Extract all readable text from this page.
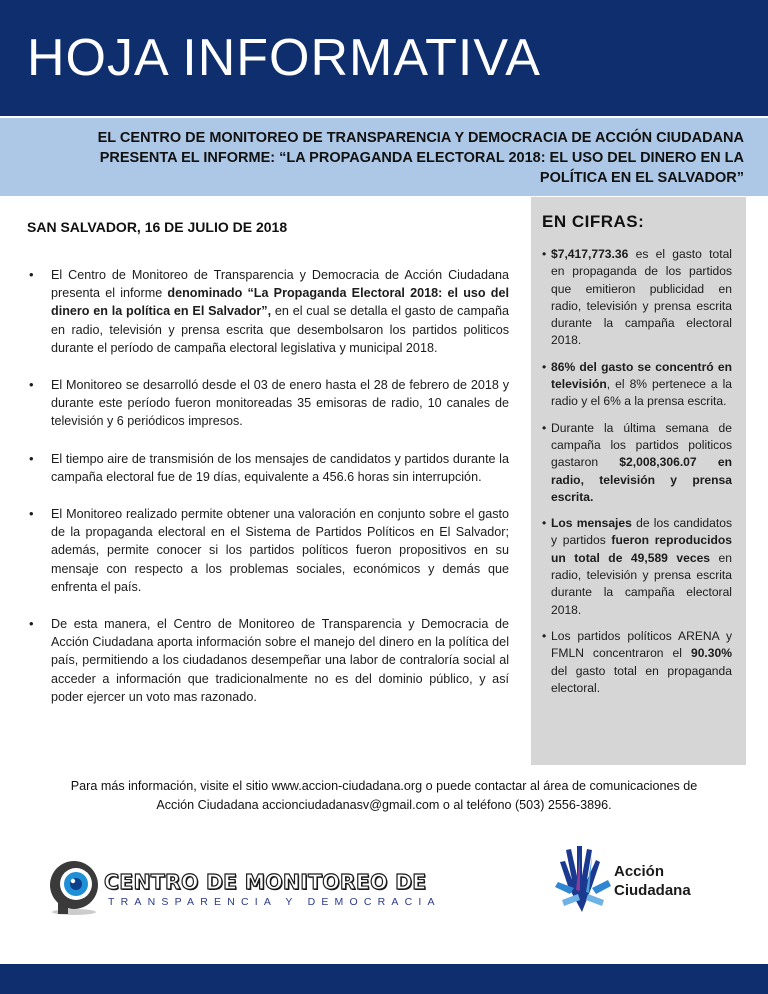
HOJA INFORMATIVA
EL CENTRO DE MONITOREO DE TRANSPARENCIA Y DEMOCRACIA DE ACCIÓN CIUDADANA
PRESENTA EL INFORME: “LA PROPAGANDA ELECTORAL 2018: EL USO DEL DINERO EN LA
POLÍTICA EN EL SALVADOR”
SAN SALVADOR, 16 DE JULIO DE 2018
• El Centro de Monitoreo de Transparencia y Democracia de Acción Ciudadana presenta el informe denominado “La Propaganda Electoral 2018: el uso del dinero en la política en El Salvador”, en el cual se detalla el gasto de campaña en radio, televisión y prensa escrita que desembolsaron los partidos politicos durante el período de campaña electoral legislativa y municipal 2018.
• El Monitoreo se desarrolló desde el 03 de enero hasta el 28 de febrero de 2018 y durante este período fueron monitoreadas 35 emisoras de radio, 10 canales de televisión y 6 periódicos impresos.
• El tiempo aire de transmisión de los mensajes de candidatos y partidos durante la campaña electoral fue de 19 días, equivalente a 456.6 horas sin interrupción.
• El Monitoreo realizado permite obtener una valoración en conjunto sobre el gasto de la propaganda electoral en el Sistema de Partidos Políticos en El Salvador; además, permite conocer si los partidos políticos fueron propositivos en su mensaje con respecto a los problemas sociales, económicos y demás que enfrenta el país.
• De esta manera, el Centro de Monitoreo de Transparencia y Democracia de Acción Ciudadana aporta información sobre el manejo del dinero en la política del país, permitiendo a los ciudadanos desempeñar una labor de contraloría social al acceder a información que tradicionalmente no es del dominio público, y así poder ejercer un voto mas razonado.
EN CIFRAS:
• $7,417,773.36 es el gasto total en propaganda de los partidos que emitieron publicidad en radio, televisión y prensa escrita durante la campaña electoral 2018.
• 86% del gasto se concentró en televisión, el 8% pertenece a la radio y el 6% a la prensa escrita.
• Durante la última semana de campaña los partidos politicos gastaron $2,008,306.07 en radio, televisión y prensa escrita.
• Los mensajes de los candidatos y partidos fueron reproducidos un total de 49,589 veces en radio, televisión y prensa escrita durante la campaña electoral 2018.
• Los partidos políticos ARENA y FMLN concentraron el 90.30% del gasto total en propaganda electoral.
Para más información, visite el sitio www.accion-ciudadana.org o puede contactar al área de comunicaciones de
Acción Ciudadana accionciudadanasv@gmail.com o al teléfono (503) 2556-3896.
CENTRO DE MONITOREO DE
TRANSPARENCIA Y DEMOCRACIA
Acción
Ciudadana
